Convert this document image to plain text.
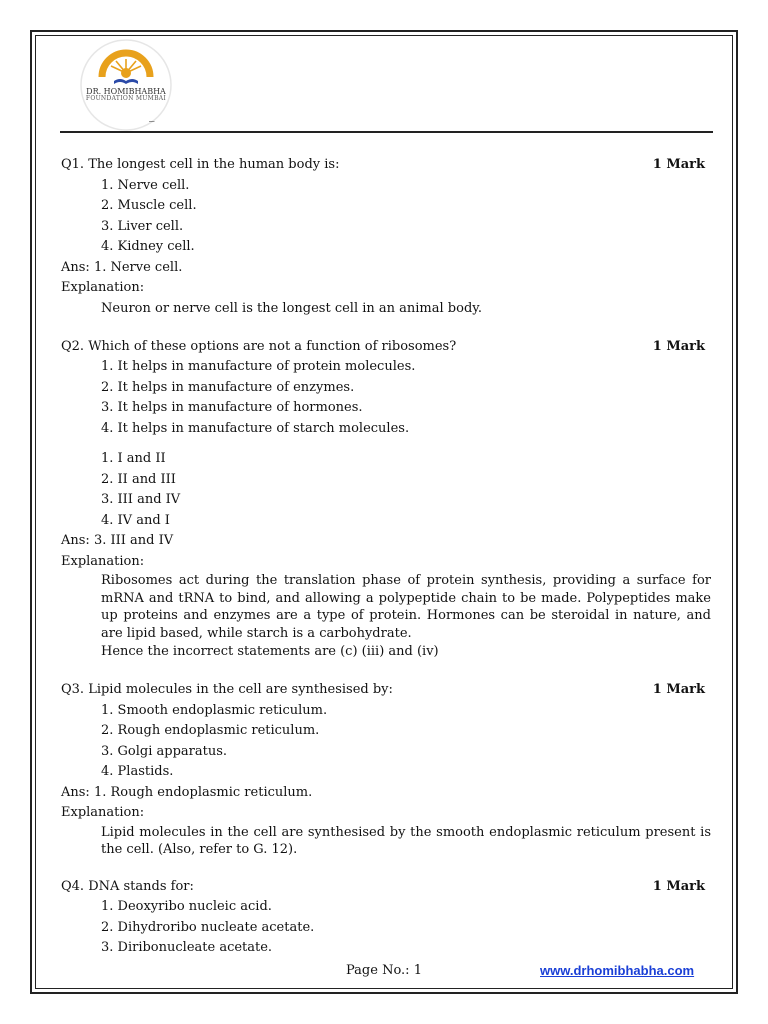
DR. HOMIBHABHA
FOUNDATION MUMBAI
_
Q1. The longest cell in the human body is:	1 Mark
1. Nerve cell.
2. Muscle cell.
3. Liver cell.
4. Kidney cell.
Ans: 1. Nerve cell.
Explanation:
Neuron or nerve cell is the longest cell in an animal body.
Q2. Which of these options are not a function of ribosomes?	1 Mark
1. It helps in manufacture of protein molecules.
2. It helps in manufacture of enzymes.
3. It helps in manufacture of hormones.
4. It helps in manufacture of starch molecules.
1. I and II
2. II and III
3. III and IV
4. IV and I
Ans: 3. III and IV
Explanation:
Ribosomes act during the translation phase of protein synthesis, providing a surface for mRNA and tRNA to bind, and allowing a polypeptide chain to be made. Polypeptides make up proteins and enzymes are a type of protein. Hormones can be steroidal in nature, and are lipid based, while starch is a carbohydrate.
Hence the incorrect statements are (c) (iii) and (iv)
Q3. Lipid molecules in the cell are synthesised by:	1 Mark
1. Smooth endoplasmic reticulum.
2. Rough endoplasmic reticulum.
3. Golgi apparatus.
4. Plastids.
Ans: 1. Rough endoplasmic reticulum.
Explanation:
Lipid molecules in the cell are synthesised by the smooth endoplasmic reticulum present is the cell. (Also, refer to G. 12).
Q4. DNA stands for:	1 Mark
1. Deoxyribo nucleic acid.
2. Dihydroribo nucleate acetate.
3. Diribonucleate acetate.
Page No.: 1	www.drhomibhabha.com
